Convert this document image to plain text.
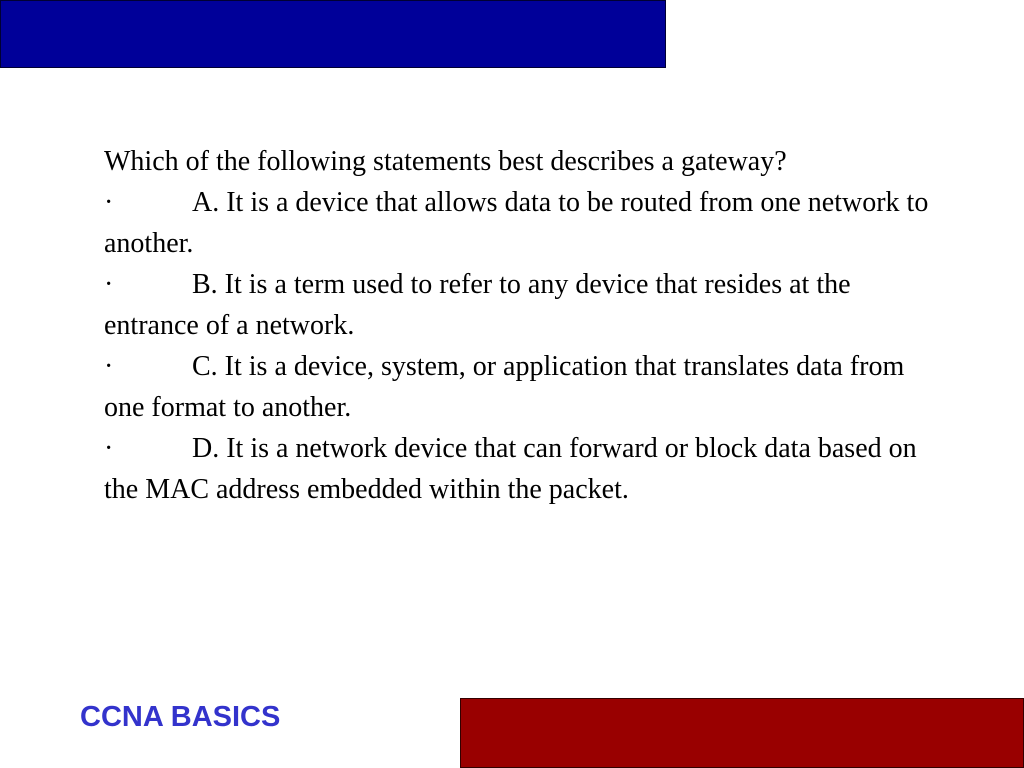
Which of the following statements best describes a gateway?

·	A. It is a device that allows data to be routed from one network to another.

·	B. It is a term used to refer to any device that resides at the entrance of a network.

·	C. It is a device, system, or application that translates data from one format to another.

·	D. It is a network device that can forward or block data based on the MAC address embedded within the packet.

CCNA BASICS
